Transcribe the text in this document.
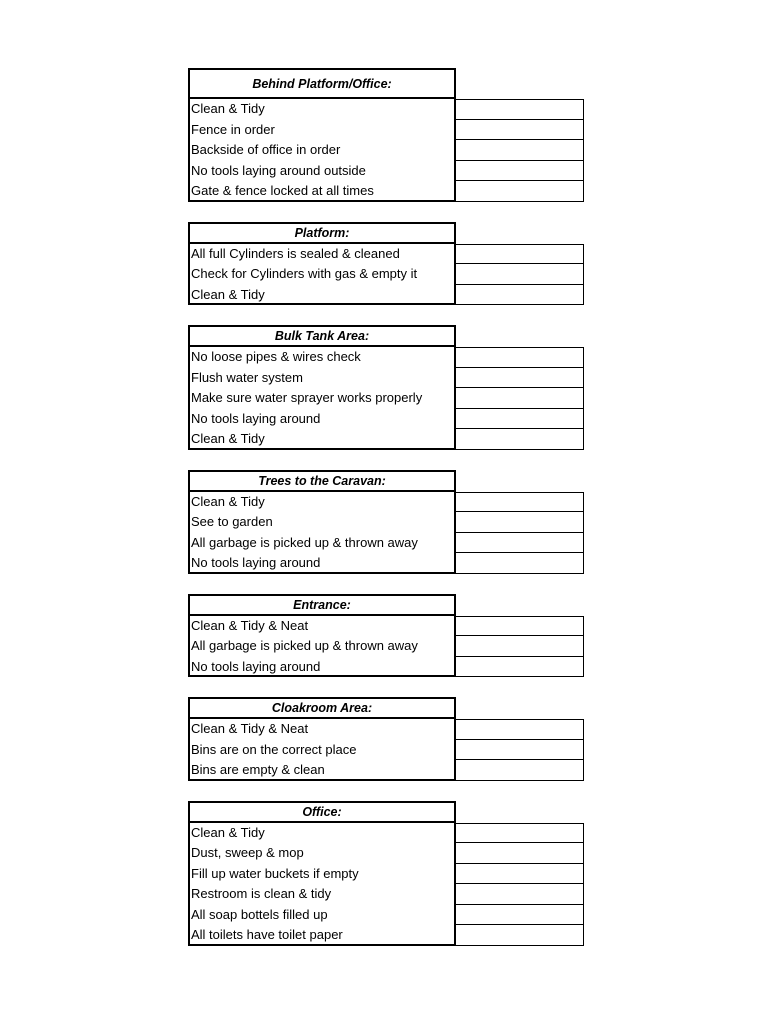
Behind Platform/Office:
Clean & Tidy
Fence in order
Backside of office in order
No tools laying around outside
Gate & fence locked at all times
Platform:
All full Cylinders is sealed & cleaned
Check for Cylinders with gas & empty it
Clean & Tidy
Bulk Tank Area:
No loose pipes & wires check
Flush water system
Make sure water sprayer works properly
No tools laying around
Clean & Tidy
Trees to the Caravan:
Clean & Tidy
See to garden
All garbage is picked up & thrown away
No tools laying around
Entrance:
Clean & Tidy & Neat
All garbage is picked up & thrown away
No tools laying around
Cloakroom Area:
Clean & Tidy & Neat
Bins are on the correct place
Bins are empty & clean
Office:
Clean & Tidy
Dust, sweep & mop
Fill up water buckets if empty
Restroom is clean & tidy
All soap bottels filled up
All toilets have toilet paper
